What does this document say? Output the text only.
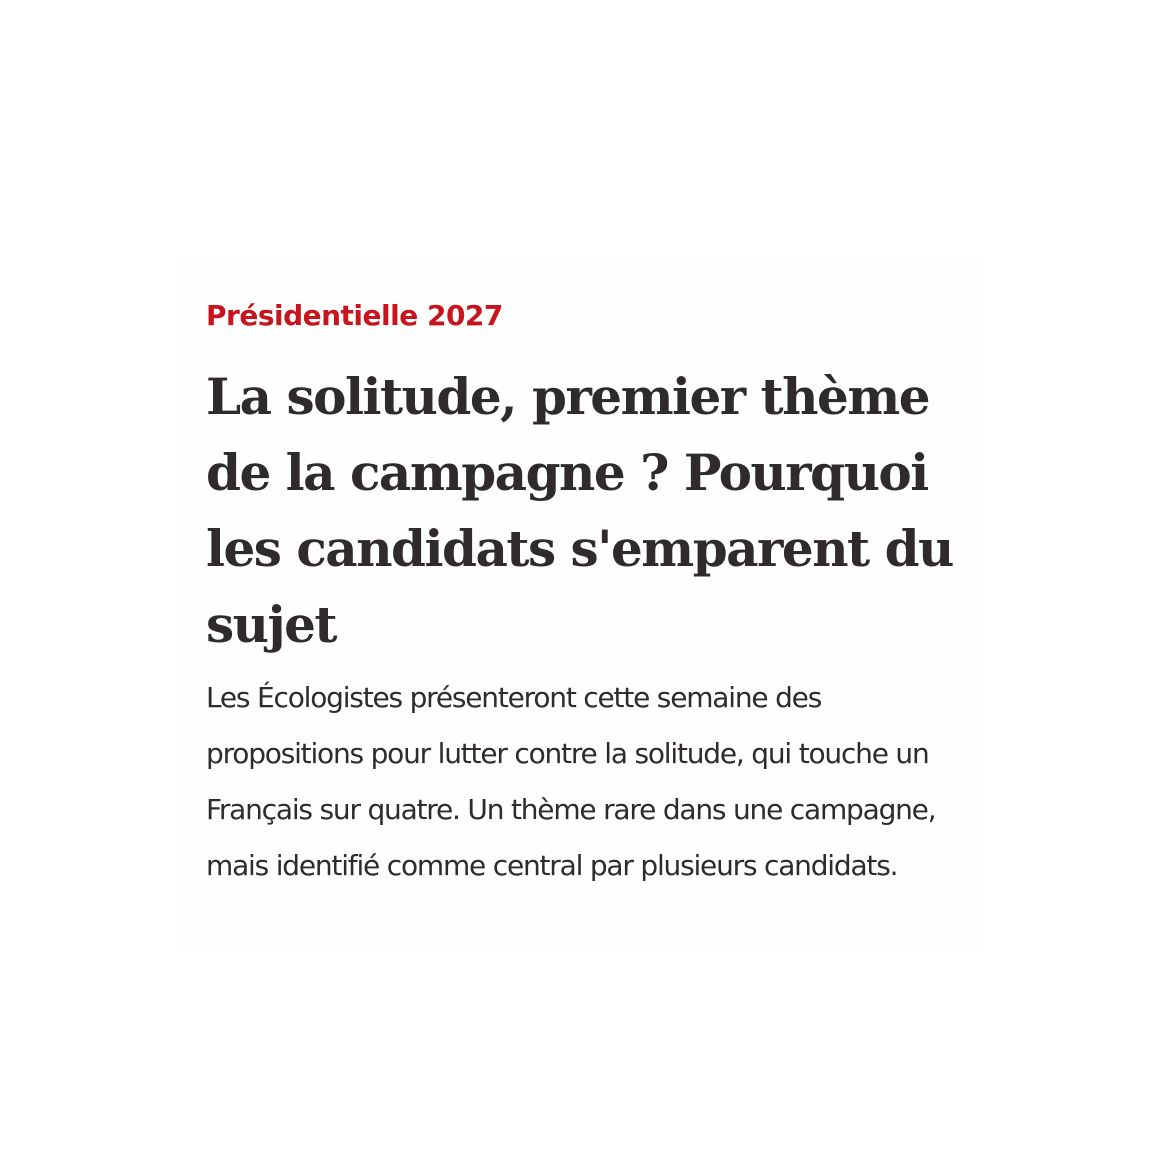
Présidentielle 2027

La solitude, premier thème de la campagne ? Pourquoi les candidats s'emparent du sujet

Les Écologistes présenteront cette semaine des propositions pour lutter contre la solitude, qui touche un Français sur quatre. Un thème rare dans une campagne, mais identifié comme central par plusieurs candidats.
